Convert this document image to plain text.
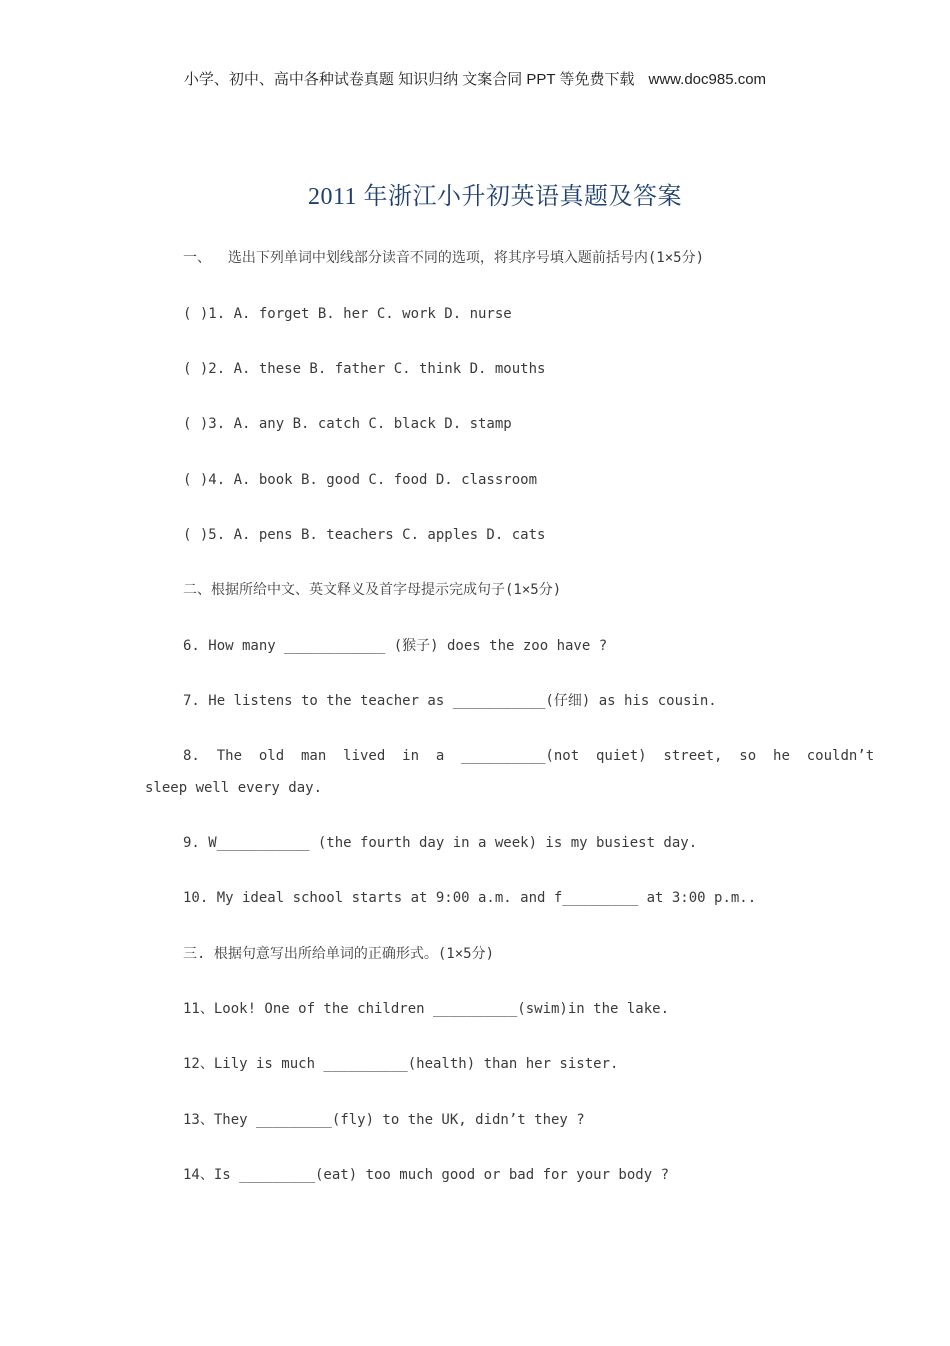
小学、初中、高中各种试卷真题 知识归纳 文案合同 PPT 等免费下载 www.doc985.com
2011 年浙江小升初英语真题及答案
一、  选出下列单词中划线部分读音不同的选项，将其序号填入题前括号内(1×5分)
( )1. A. forget B. her C. work D. nurse
( )2. A. these B. father C. think D. mouths
( )3. A. any B. catch C. black D. stamp
( )4. A. book B. good C. food D. classroom
( )5. A. pens B. teachers C. apples D. cats
二、根据所给中文、英文释义及首字母提示完成句子(1×5分)
6. How many ____________ (猴子) does the zoo have ?
7. He listens to the teacher as ___________(仔细) as his cousin.
8.  The  old  man  lived  in  a  __________(not  quiet)  street,  so  he  couldn’t
sleep well every day.
9. W___________ (the fourth day in a week) is my busiest day.
10. My ideal school starts at 9:00 a.m. and f_________ at 3:00 p.m..
三. 根据句意写出所给单词的正确形式。(1×5分)
11、Look! One of the children __________(swim)in the lake.
12、Lily is much __________(health) than her sister.
13、They _________(fly) to the UK, didn’t they ?
14、Is _________(eat) too much good or bad for your body ?
